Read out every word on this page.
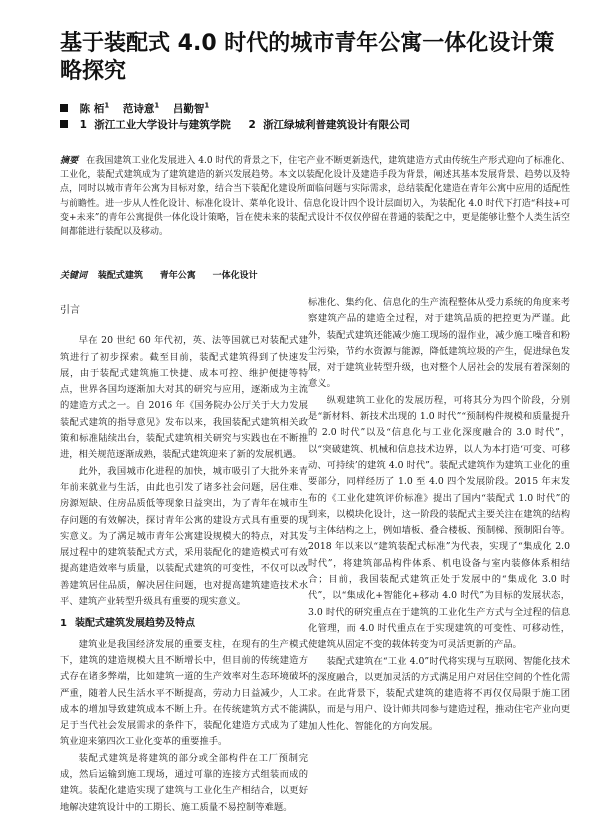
基于装配式 4.0 时代的城市青年公寓一体化设计策略探究
陈 栢$^1$ 范诗意$^1$ 吕勤智$^1$
1 浙江工业大学设计与建筑学院 2 浙江绿城利普建筑设计有限公司
摘要 在我国建筑工业化发展进入 4.0 时代的背景之下，住宅产业不断更新迭代，建筑建造方式由传统生产形式迎向了标准化、工业化，装配式建筑成为了建筑建造的新兴发展趋势。本文以装配化设计及建造手段为背景，阐述其基本发展背景、趋势以及特点，同时以城市青年公寓为目标对象，结合当下装配化建设所面临问题与实际需求，总结装配化建造在青年公寓中应用的适配性与前瞻性。进一步从人性化设计、标准化设计、菜单化设计、信息化设计四个设计层面切入，为装配化 4.0 时代下打造“科技+可变+未来”的青年公寓提供一体化设计策略，旨在使未来的装配式设计不仅仅停留在普通的装配之中，更是能够让整个人类生活空间都能进行装配以及移动。
关键词 装配式建筑 青年公寓 一体化设计
引言

早在 20 世纪 60 年代初，英、法等国就已对装配式建筑进行了初步探索。截至目前，装配式建筑得到了快速发展，由于装配式建筑施工快捷、成本可控、维护便捷等特点，世界各国均逐渐加大对其的研究与应用，逐渐成为主流的建造方式之一。自 2016 年《国务院办公厅关于大力发展装配式建筑的指导意见》发布以来，我国装配式建筑相关政策和标准陆续出台，装配式建筑相关研究与实践也在不断推进，相关规范逐渐成熟，装配式建筑迎来了新的发展机遇。

此外，我国城市化进程的加快，城市吸引了大批外来青年前来就业与生活，由此也引发了诸多社会问题，居住难、房源短缺、住房品质低等现象日益突出，为了青年在城市生存问题的有效解决，探讨青年公寓的建设方式具有重要的现实意义。为了满足城市青年公寓建设规模大的特点，对其发展过程中的建筑装配式方式，采用装配化的建造模式可有效提高建造效率与质量，以装配式建筑的可变性，不仅可以改善建筑居住品质，解决居住问题，也对提高建筑建造技术水平、建筑产业转型升级具有重要的现实意义。

1 装配式建筑发展趋势及特点

建筑业是我国经济发展的重要支柱，在现有的生产模式下，建筑的建造规模大且不断增长中，但目前的传统建造方式存在诸多弊端，比如建筑一道的生产效率对生态环境破坏严重，随着人民生活水平不断提高，劳动力日益减少，人工成本的增加导致建筑成本不断上升。在传统建筑方式不能满足于当代社会发展需求的条件下，装配化建造方式成为了建筑业迎来第四次工业化变革的重要推手。

装配式建筑是将建筑的部分或全部构件在工厂预制完成，然后运输到施工现场，通过可靠的连接方式组装而成的建筑。装配化建造实现了建筑与工业化生产相结合，以更好地解决建筑设计中的工期长、施工质量不易控制等难题。

标准化、集约化、信息化的生产流程整体从受力系统的角度来考察建筑产品的建造全过程，对于建筑品质的把控更为严谨。此外，装配式建筑还能减少施工现场的湿作业，减少施工噪音和粉尘污染，节约水资源与能源，降低建筑垃圾的产生，促进绿色发展，对于建筑业转型升级，也对整个人居社会的发展有着深刻的意义。

纵观建筑工业化的发展历程，可将其分为四个阶段，分别是“新材料、新技术出现的 1.0 时代”“预制构件规模和质量提升的 2.0 时代”以及“信息化与工业化深度融合的 3.0 时代”，以“突破建筑、机械和信息技术边界，以人为本打造‘可变、可移动、可持续’的建筑 4.0 时代”。装配式建筑作为建筑工业化的重要部分，同样经历了 1.0 至 4.0 四个发展阶段。2015 年末发布的《工业化建筑评价标准》提出了国内“装配式 1.0 时代”的到来，以模块化设计，这一阶段的装配式主要关注在建筑的结构与主体结构之上，例如墙板、叠合楼板、预制梯、预制阳台等。2018 年以来以“建筑装配式标准”为代表，实现了“集成化 2.0 时代”，将建筑部品构件体系、机电设备与室内装修体系相结合；目前，我国装配式建筑正处于发展中的“集成化 3.0 时代”，以“集成化+智能化+移动 4.0 时代”为目标的发展状态，3.0 时代的研究重点在于建筑的工业化生产方式与全过程的信息化管理，而 4.0 时代重点在于实现建筑的可变性、可移动性，使建筑从固定不变的载体转变为可灵活更新的产品。

装配式建筑在“工业 4.0”时代将实现与互联网、智能化技术的深度融合，以更加灵活的方式满足用户对居住空间的个性化需求。在此背景下，装配式建筑的建造将不再仅仅局限于施工团队，而是与用户、设计师共同参与建造过程，推动住宅产业向更加人性化、智能化的方向发展。
